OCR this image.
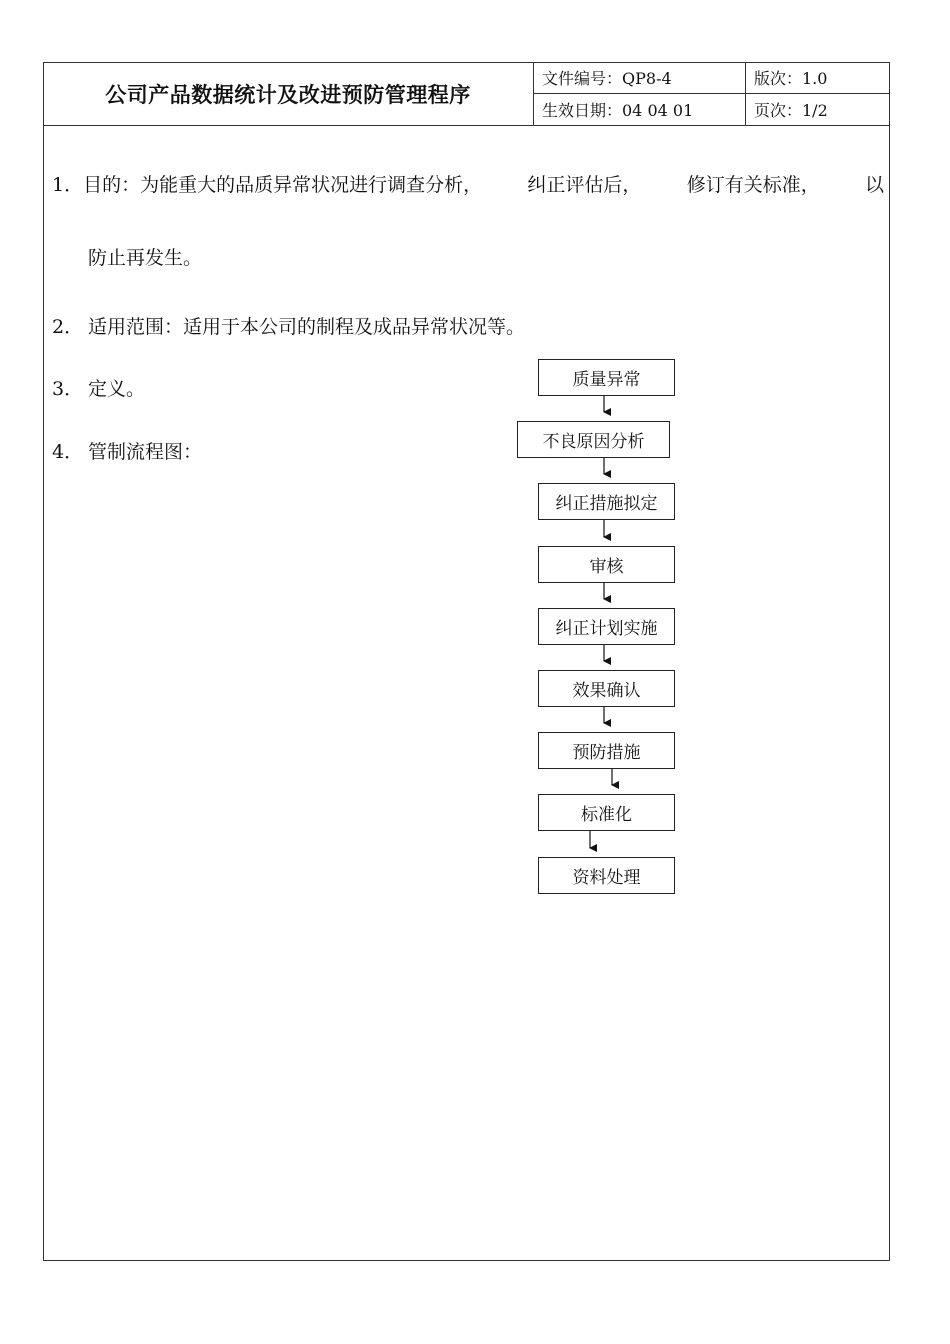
公司产品数据统计及改进预防管理程序
文件编号：QP8-4	版次：1.0
生效日期：04 04 01	页次：1/2
1．目的：为能重大的品质异常状况进行调查分析， 纠正评估后， 修订有关标准， 以
防止再发生。
2． 适用范围：适用于本公司的制程及成品异常状况等。
3． 定义。
4． 管制流程图：
质量异常
不良原因分析
纠正措施拟定
审核
纠正计划实施
效果确认
预防措施
标准化
资料处理
